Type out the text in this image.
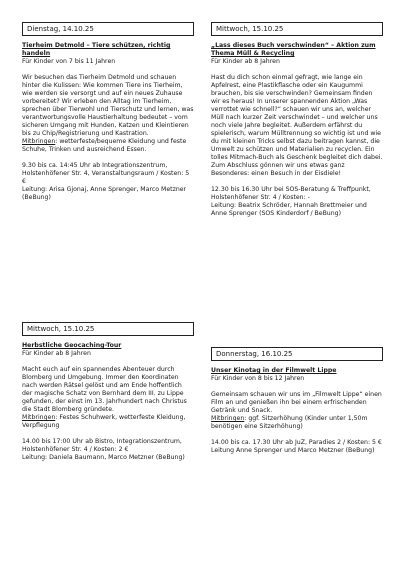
Dienstag, 14.10.25

Tierheim Detmold – Tiere schützen, richtig handeln

Für Kinder von 7 bis 11 Jahren

Wir besuchen das Tierheim Detmold und schauen hinter die Kulissen: Wie kommen Tiere ins Tierheim, wie werden sie versorgt und auf ein neues Zuhause vorbereitet? Wir erleben den Alltag im Tierheim, sprechen über Tierwohl und Tierschutz und lernen, was verantwortungsvolle Haustierhaltung bedeutet – vom sicheren Umgang mit Hunden, Katzen und Kleintieren bis zu Chip/Registrierung und Kastration.

Mitbringen: wetterfeste/bequeme Kleidung und feste Schuhe, Trinken und ausreichend Essen.

9.30 bis ca. 14:45 Uhr ab Integrationszentrum, Holstenhöfener Str. 4, Veranstaltungsraum / Kosten: 5 €

Leitung: Arisa Gjonaj, Anne Sprenger, Marco Metzner (BeBung)

Mittwoch, 15.10.25

Herbstliche Geocaching-Tour

Für Kinder ab 8 Jahren

Macht euch auf ein spannendes Abenteuer durch Blomberg und Umgebung. Immer den Koordinaten nach werden Rätsel gelöst und am Ende hoffentlich der magische Schatz von Bernhard dem III. zu Lippe gefunden, der einst im 13. Jahrhundert nach Christus die Stadt Blomberg gründete.

Mitbringen: Festes Schuhwerk, wetterfeste Kleidung, Verpflegung

14.00 bis 17:00 Uhr ab Bistro, Integrationszentrum, Holstenhöfener Str. 4 / Kosten: 2 €

Leitung: Daniela Baumann, Marco Metzner (BeBung)

Mittwoch, 15.10.25

„Lass dieses Buch verschwinden“ – Aktion zum Thema Müll & Recycling

Für Kinder ab 8 Jahren

Hast du dich schon einmal gefragt, wie lange ein Apfelrest, eine Plastikflasche oder ein Kaugummi brauchen, bis sie verschwinden? Gemeinsam finden wir es heraus! In unserer spannenden Aktion „Was verrottet wie schnell?“ schauen wir uns an, welcher Müll nach kurzer Zeit verschwindet – und welcher uns noch viele Jahre begleitet. Außerdem erfährst du spielerisch, warum Mülltrennung so wichtig ist und wie du mit kleinen Tricks selbst dazu beitragen kannst, die Umwelt zu schützen und Materialien zu recyclen. Ein tolles Mitmach-Buch als Geschenk begleitet dich dabei. Zum Abschluss gönnen wir uns etwas ganz Besonderes: einen Besuch in der Eisdiele!

12.30 bis 16.30 Uhr bei SOS-Beratung & Treffpunkt, Holstenhöfener Str. 4 / Kosten: -

Leitung: Beatrix Schröder, Hannah Brettmeier und Anne Sprenger (SOS Kinderdorf / BeBung)

Donnerstag, 16.10.25

Unser Kinotag in der Filmwelt Lippe

Für Kinder von 8 bis 12 Jahren

Gemeinsam schauen wir uns im „Filmwelt Lippe“ einen Film an und genießen ihn bei einem erfrischenden Getränk und Snack.

Mitbringen: ggf. Sitzerhöhung (Kinder unter 1,50m benötigen eine Sitzerhöhung)

14.00 bis ca. 17.30 Uhr ab JuZ, Paradies 2 / Kosten: 5 €

Leitung Anne Sprenger und Marco Metzner (BeBung)
